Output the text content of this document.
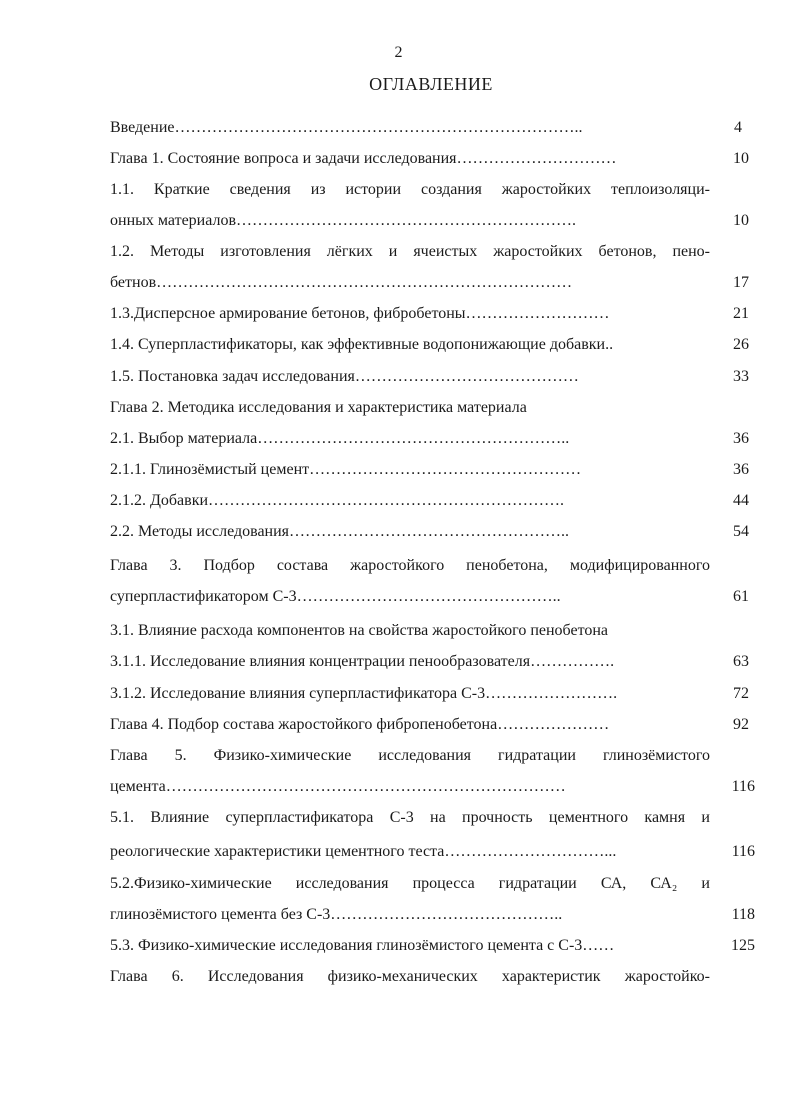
2
ОГЛАВЛЕНИЕ
Введение…………………………………………………………………..	4
Глава 1. Состояние вопроса и задачи исследования…………………………	10
1.1. Краткие сведения из истории создания жаростойких теплоизоляци-
онных материалов……………………………………………………….	10
1.2. Методы изготовления лёгких и ячеистых жаростойких бетонов, пено-
бетнов……………………………………………………………………	17
1.3.Дисперсное армирование бетонов, фибробетоны………………………	21
1.4. Суперпластификаторы, как эффективные водопонижающие добавки..	26
1.5. Постановка задач исследования……………………………………	33
Глава 2. Методика исследования и характеристика материала
2.1. Выбор материала…………………………………………………..	36
2.1.1. Глинозёмистый цемент……………………………………………	36
2.1.2. Добавки………………………………………………………….	44
2.2. Методы исследования……………………………………………..	54
Глава 3. Подбор состава жаростойкого пенобетона, модифицированного
суперпластификатором С-3…………………………………………..	61
3.1. Влияние расхода компонентов на свойства жаростойкого пенобетона
3.1.1. Исследование влияния концентрации пенообразователя…………….	63
3.1.2. Исследование влияния суперпластификатора С-3…………………….	72
Глава 4. Подбор состава жаростойкого фибропенобетона…………………	92
Глава 5. Физико-химические исследования гидратации глинозёмистого
цемента…………………………………………………………………	116
5.1. Влияние суперпластификатора С-3 на прочность цементного камня и
реологические характеристики цементного теста…………………………...	116
5.2.Физико-химические исследования процесса гидратации СА, СА₂ и
глинозёмистого цемента без С-3……………………………………..	118
5.3. Физико-химические исследования глинозёмистого цемента с С-3……	125
Глава 6. Исследования физико-механических характеристик жаростойко-
